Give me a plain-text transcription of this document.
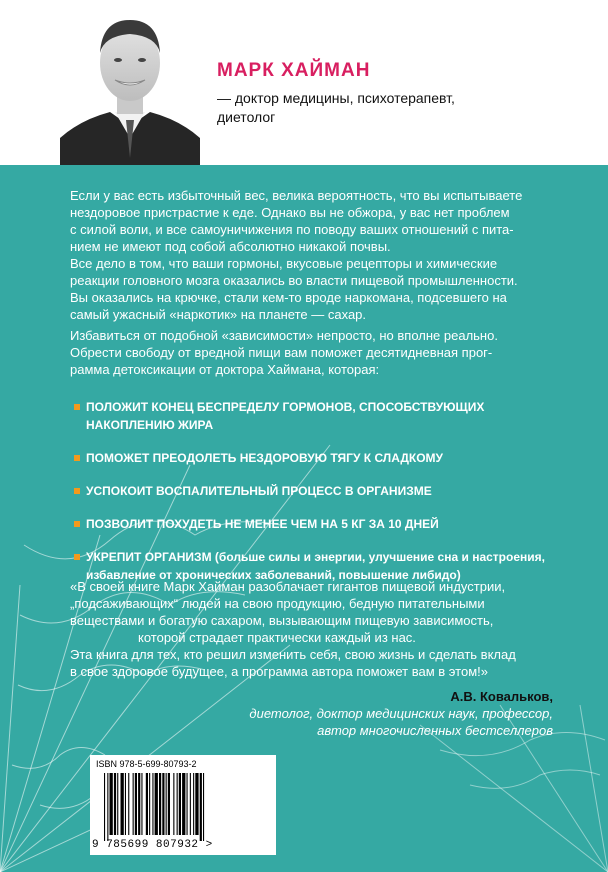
МАРК ХАЙМАН
— доктор медицины, психотерапевт,
диетолог
Если у вас есть избыточный вес, велика вероятность, что вы испытываете
нездоровое пристрастие к еде. Однако вы не обжора, у вас нет проблем
с силой воли, и все самоуничижения по поводу ваших отношений с пита-
нием не имеют под собой абсолютно никакой почвы.
Все дело в том, что ваши гормоны, вкусовые рецепторы и химические
реакции головного мозга оказались во власти пищевой промышленности.
Вы оказались на крючке, стали кем-то вроде наркомана, подсевшего на
самый ужасный «наркотик» на планете — сахар.
Избавиться от подобной «зависимости» непросто, но вполне реально.
Обрести свободу от вредной пищи вам поможет десятидневная прог-
рамма детоксикации от доктора Хаймана, которая:
ПОЛОЖИТ КОНЕЦ БЕСПРЕДЕЛУ ГОРМОНОВ, СПОСОБСТВУЮЩИХ НАКОПЛЕНИЮ ЖИРА
ПОМОЖЕТ ПРЕОДОЛЕТЬ НЕЗДОРОВУЮ ТЯГУ К СЛАДКОМУ
УСПОКОИТ ВОСПАЛИТЕЛЬНЫЙ ПРОЦЕСС В ОРГАНИЗМЕ
ПОЗВОЛИТ ПОХУДЕТЬ НЕ МЕНЕЕ ЧЕМ НА 5 КГ ЗА 10 ДНЕЙ
УКРЕПИТ ОРГАНИЗМ (больше силы и энергии, улучшение сна и настроения,
избавление от хронических заболеваний, повышение либидо)
«В своей книге Марк Хайман разоблачает гигантов пищевой индустрии,
„подсаживающих“ людей на свою продукцию, бедную питательными
веществами и богатую сахаром, вызывающим пищевую зависимость,
которой страдает практически каждый из нас.
Эта книга для тех, кто решил изменить себя, свою жизнь и сделать вклад
в свое здоровое будущее, а программа автора поможет вам в этом!»
А.В. Ковальков,
диетолог, доктор медицинских наук, профессор,
автор многочисленных бестселлеров
ISBN 978-5-699-80793-2
9 785699 807932 >
